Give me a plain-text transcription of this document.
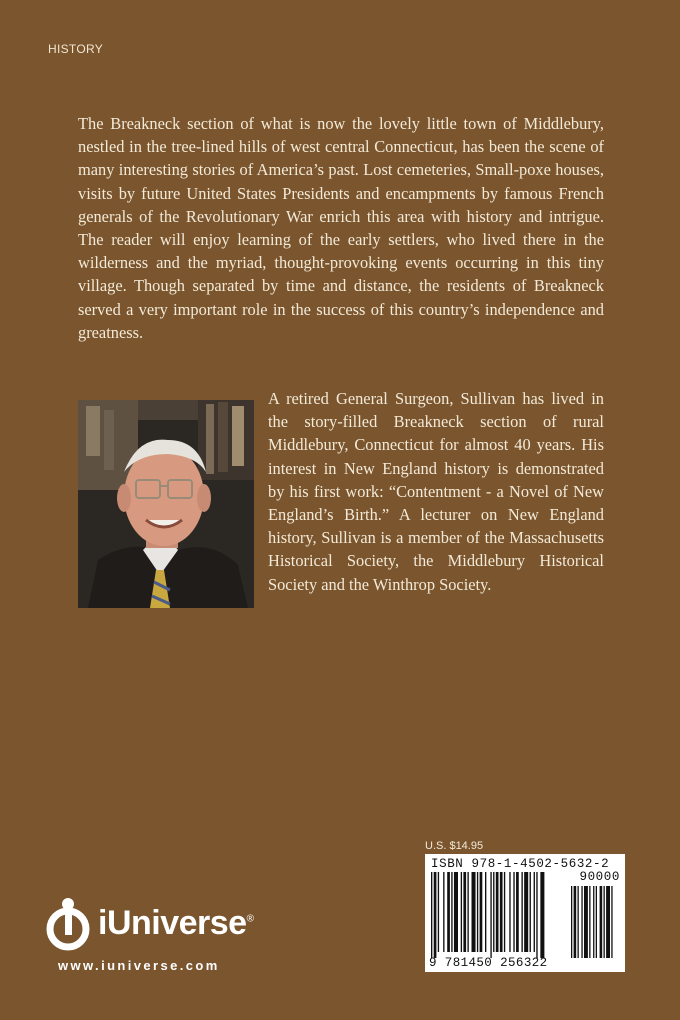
HISTORY

The Breakneck section of what is now the lovely little town of Middlebury, nestled in the tree-lined hills of west central Connecticut, has been the scene of many interesting stories of America’s past. Lost cemeteries, Small-poxe houses, visits by future United States Presidents and encampments by famous French generals of the Revolutionary War enrich this area with history and intrigue. The reader will enjoy learning of the early settlers, who lived there in the wilderness and the myriad, thought-provoking events occurring in this tiny village. Though separated by time and distance, the residents of Breakneck served a very important role in the success of this country’s independence and greatness.

A retired General Surgeon, Sullivan has lived in the story-filled Breakneck section of rural Middlebury, Connecticut for almost 40 years. His interest in New England history is demonstrated by his first work: “Contentment - a Novel of New England’s Birth.” A lecturer on New England history, Sullivan is a member of the Massachusetts Historical Society, the Middlebury Historical Society and the Winthrop Society.

U.S. $14.95
ISBN 978-1-4502-5632-2
90000
9 781450 256322
iUniverse®
www.iuniverse.com
